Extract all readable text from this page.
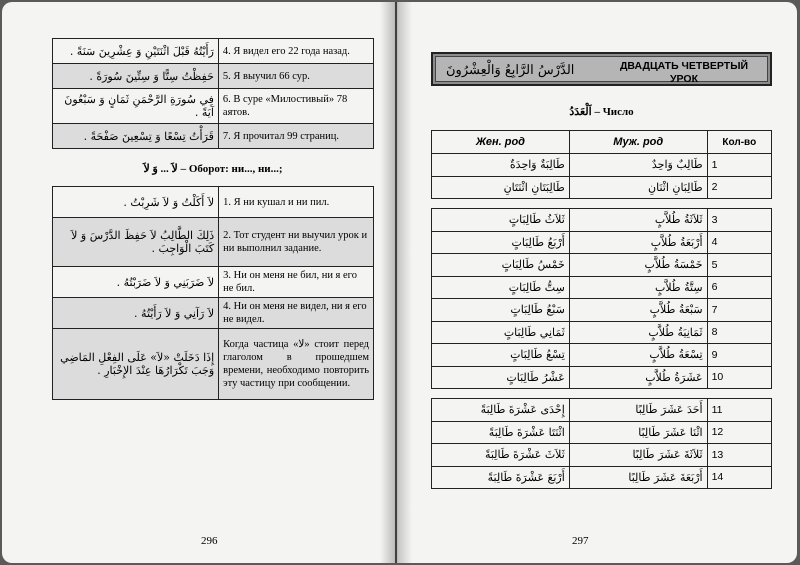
رَأَيْتُهُ قَبْلَ اثْنَتَيْنِ وَ عِشْرِينَ سَنَةً .	4. Я видел его 22 года назад.
حَفِظْتُ سِتًّا وَ سِتِّينَ سُورَةً .	5. Я выучил 66 сур.
فِي سُورَةِ الرَّحْمَنِ ثَمَانٍ وَ سَبْعُونَ آيَةً .	6. В суре «Милостивый» 78 аятов.
قَرَأْتُ تِسْعًا وَ تِسْعِينَ صَفْحَةً .	7. Я прочитал 99 страниц.
لاَ ... وَ لاَ – Оборот: ни..., ни...;
لاَ أَكَلْتُ وَ لاَ شَرِبْتُ .	1. Я ни кушал и ни пил.
ذَلِكَ الطَّالِبُ لاَ حَفِظَ الدَّرْسَ وَ لاَ كَتَبَ الْوَاجِبَ .	2. Тот студент ни выучил урок и ни выполнил задание.
لاَ ضَرَبَنِي وَ لاَ ضَرَبْتُهُ .	3. Ни он меня не бил, ни я его не бил.
لاَ رَآنِي وَ لاَ رَأَيْتُهُ .	4. Ни он меня не видел, ни я его не видел.
إِذَا دَخَلَتْ «لاَ» عَلَى الفِعْلِ المَاضِي وَجَبَ تَكْرَارُهَا عِنْدَ الإِخْبَارِ .	Когда частица «لا» стоит перед глаголом в прошедшем времени, необходимо повторить эту частицу при сообщении.
296
الدَّرْسُ الرَّابِعُ وَالْعِشْرُونَ	ДВАДЦАТЬ ЧЕТВЕРТЫЙ УРОК
اَلْعَدَدُ – Число
Жен. род	Муж. род	Кол-во
طَالِبَةٌ وَاحِدَةٌ	طَالِبٌ وَاحِدٌ	1
طَالِبَتَانِ اثْنَتَانِ	طَالِبَانِ اثْنَانِ	2

ثَلاَثُ طَالِبَاتٍ	ثَلاَثَةُ طُلاَّبٍ	3
أَرْبَعُ طَالِبَاتٍ	أَرْبَعَةُ طُلاَّبٍ	4
خَمْسُ طَالِبَاتٍ	خَمْسَةُ طُلاَّبٍ	5
سِتُّ طَالِبَاتٍ	سِتَّةُ طُلاَّبٍ	6
سَبْعُ طَالِبَاتٍ	سَبْعَةُ طُلاَّبٍ	7
ثَمَانِي طَالِبَاتٍ	ثَمَانِيَةُ طُلاَّبٍ	8
تِسْعُ طَالِبَاتٍ	تِسْعَةُ طُلاَّبٍ	9
عَشْرُ طَالِبَاتٍ	عَشَرَةُ طُلاَّبٍ	10

إِحْدَى عَشْرَةَ طَالِبَةً	أَحَدَ عَشَرَ طَالِبًا	11
اثْنَتَا عَشْرَةَ طَالِبَةً	اثْنَا عَشَرَ طَالِبًا	12
ثَلاَثَ عَشْرَةَ طَالِبَةً	ثَلاَثَةَ عَشَرَ طَالِبًا	13
أَرْبَعَ عَشْرَةَ طَالِبَةً	أَرْبَعَةَ عَشَرَ طَالِبًا	14
297
